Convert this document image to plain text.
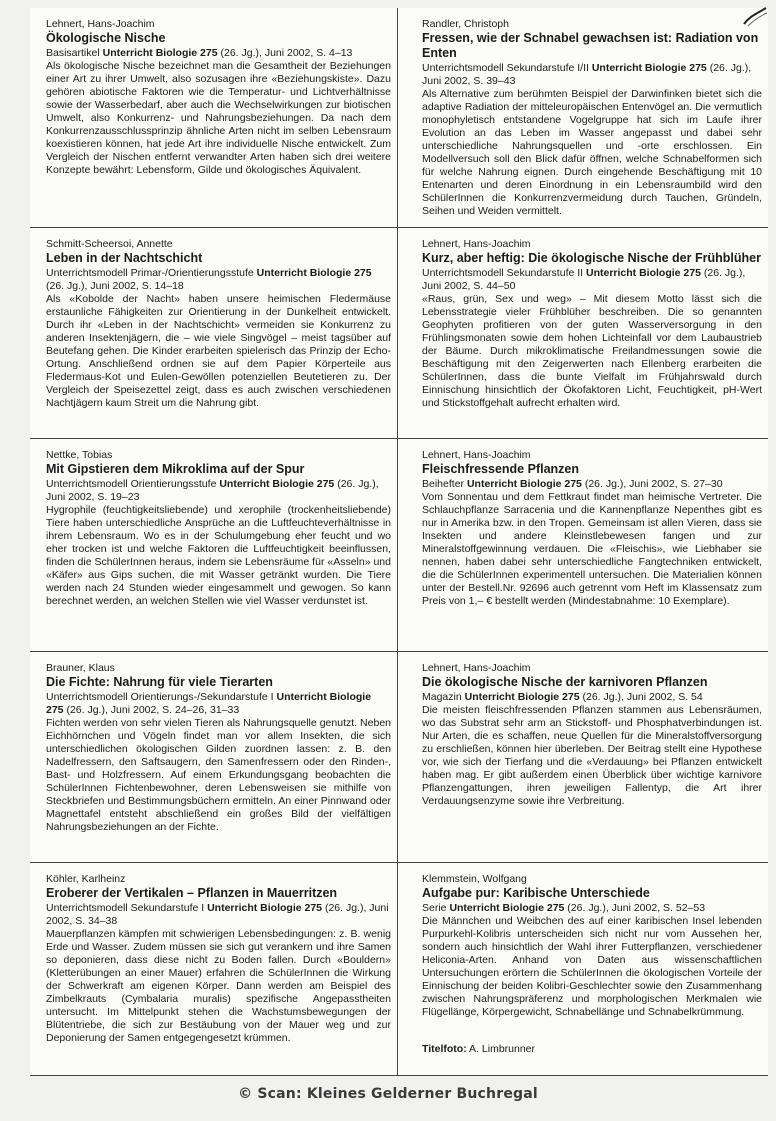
Lehnert, Hans-Joachim

Ökologische Nische

Basisartikel Unterricht Biologie 275 (26. Jg.), Juni 2002, S. 4–13

Als ökologische Nische bezeichnet man die Gesamtheit der Beziehungen einer Art zu ihrer Umwelt, also sozusagen ihre «Beziehungskiste». Dazu gehören abiotische Faktoren wie die Temperatur- und Lichtverhältnisse sowie der Wasserbedarf, aber auch die Wechselwirkungen zur biotischen Umwelt, also Konkurrenz- und Nahrungsbeziehungen. Da nach dem Konkurrenzausschlussprinzip ähnliche Arten nicht im selben Lebensraum koexistieren können, hat jede Art ihre individuelle Nische entwickelt. Zum Vergleich der Nischen entfernt verwandter Arten haben sich drei weitere Konzepte bewährt: Lebensform, Gilde und ökologisches Äquivalent.

Randler, Christoph

Fressen, wie der Schnabel gewachsen ist: Radiation von Enten

Unterrichtsmodell Sekundarstufe I/II Unterricht Biologie 275 (26. Jg.), Juni 2002, S. 39–43

Als Alternative zum berühmten Beispiel der Darwinfinken bietet sich die adaptive Radiation der mitteleuropäischen Entenvögel an. Die vermutlich monophyletisch entstandene Vogelgruppe hat sich im Laufe ihrer Evolution an das Leben im Wasser angepasst und dabei sehr unterschiedliche Nahrungsquellen und -orte erschlossen. Ein Modellversuch soll den Blick dafür öffnen, welche Schnabelformen sich für welche Nahrung eignen. Durch eingehende Beschäftigung mit 10 Entenarten und deren Einordnung in ein Lebensraumbild wird den SchülerInnen die Konkurrenzvermeidung durch Tauchen, Gründeln, Seihen und Weiden vermittelt.

Schmitt-Scheersoi, Annette

Leben in der Nachtschicht

Unterrichtsmodell Primar-/Orientierungsstufe Unterricht Biologie 275 (26. Jg.), Juni 2002, S. 14–18

Als «Kobolde der Nacht» haben unsere heimischen Fledermäuse erstaunliche Fähigkeiten zur Orientierung in der Dunkelheit entwickelt. Durch ihr «Leben in der Nachtschicht» vermeiden sie Konkurrenz zu anderen Insektenjägern, die – wie viele Singvögel – meist tagsüber auf Beutefang gehen. Die Kinder erarbeiten spielerisch das Prinzip der Echo-Ortung. Anschließend ordnen sie auf dem Papier Körperteile aus Fledermaus-Kot und Eulen-Gewöllen potenziellen Beutetieren zu. Der Vergleich der Speisezettel zeigt, dass es auch zwischen verschiedenen Nachtjägern kaum Streit um die Nahrung gibt.

Lehnert, Hans-Joachim

Kurz, aber heftig: Die ökologische Nische der Frühblüher

Unterrichtsmodell Sekundarstufe II Unterricht Biologie 275 (26. Jg.), Juni 2002, S. 44–50

«Raus, grün, Sex und weg» – Mit diesem Motto lässt sich die Lebensstrategie vieler Frühblüher beschreiben. Die so genannten Geophyten profitieren von der guten Wasserversorgung in den Frühlingsmonaten sowie dem hohen Lichteinfall vor dem Laubaustrieb der Bäume. Durch mikroklimatische Freilandmessungen sowie die Beschäftigung mit den Zeigerwerten nach Ellenberg erarbeiten die SchülerInnen, dass die bunte Vielfalt im Frühjahrswald durch Einnischung hinsichtlich der Ökofaktoren Licht, Feuchtigkeit, pH-Wert und Stickstoffgehalt aufrecht erhalten wird.

Nettke, Tobias

Mit Gipstieren dem Mikroklima auf der Spur

Unterrichtsmodell Orientierungsstufe Unterricht Biologie 275 (26. Jg.), Juni 2002, S. 19–23

Hygrophile (feuchtigkeitsliebende) und xerophile (trockenheitsliebende) Tiere haben unterschiedliche Ansprüche an die Luftfeuchteverhältnisse in ihrem Lebensraum. Wo es in der Schulumgebung eher feucht und wo eher trocken ist und welche Faktoren die Luftfeuchtigkeit beeinflussen, finden die SchülerInnen heraus, indem sie Lebensräume für «Asseln» und «Käfer» aus Gips suchen, die mit Wasser getränkt wurden. Die Tiere werden nach 24 Stunden wieder eingesammelt und gewogen. So kann berechnet werden, an welchen Stellen wie viel Wasser verdunstet ist.

Lehnert, Hans-Joachim

Fleischfressende Pflanzen

Beihefter Unterricht Biologie 275 (26. Jg.), Juni 2002, S. 27–30

Vom Sonnentau und dem Fettkraut findet man heimische Vertreter. Die Schlauchpflanze Sarracenia und die Kannenpflanze Nepenthes gibt es nur in Amerika bzw. in den Tropen. Gemeinsam ist allen Vieren, dass sie Insekten und andere Kleinstlebewesen fangen und zur Mineralstoffgewinnung verdauen. Die «Fleischis», wie Liebhaber sie nennen, haben dabei sehr unterschiedliche Fangtechniken entwickelt, die die SchülerInnen experimentell untersuchen. Die Materialien können unter der Bestell.Nr. 92696 auch getrennt vom Heft im Klassensatz zum Preis von 1,– € bestellt werden (Mindestabnahme: 10 Exemplare).

Brauner, Klaus

Die Fichte: Nahrung für viele Tierarten

Unterrichtsmodell Orientierungs-/Sekundarstufe I Unterricht Biologie 275 (26. Jg.), Juni 2002, S. 24–26, 31–33

Fichten werden von sehr vielen Tieren als Nahrungsquelle genutzt. Neben Eichhörnchen und Vögeln findet man vor allem Insekten, die sich unterschiedlichen ökologischen Gilden zuordnen lassen: z. B. den Nadelfressern, den Saftsaugern, den Samenfressern oder den Rinden-, Bast- und Holzfressern. Auf einem Erkundungsgang beobachten die SchülerInnen Fichtenbewohner, deren Lebensweisen sie mithilfe von Steckbriefen und Bestimmungsbüchern ermitteln. An einer Pinnwand oder Magnettafel entsteht abschließend ein großes Bild der vielfältigen Nahrungsbeziehungen an der Fichte.

Lehnert, Hans-Joachim

Die ökologische Nische der karnivoren Pflanzen

Magazin Unterricht Biologie 275 (26. Jg.), Juni 2002, S. 54

Die meisten fleischfressenden Pflanzen stammen aus Lebensräumen, wo das Substrat sehr arm an Stickstoff- und Phosphatverbindungen ist. Nur Arten, die es schaffen, neue Quellen für die Mineralstoffversorgung zu erschließen, können hier überleben. Der Beitrag stellt eine Hypothese vor, wie sich der Tierfang und die «Verdauung» bei Pflanzen entwickelt haben mag. Er gibt außerdem einen Überblick über wichtige karnivore Pflanzengattungen, ihren jeweiligen Fallentyp, die Art ihrer Verdauungsenzyme sowie ihre Verbreitung.

Köhler, Karlheinz

Eroberer der Vertikalen – Pflanzen in Mauerritzen

Unterrichtsmodell Sekundarstufe I Unterricht Biologie 275 (26. Jg.), Juni 2002, S. 34–38

Mauerpflanzen kämpfen mit schwierigen Lebensbedingungen: z. B. wenig Erde und Wasser. Zudem müssen sie sich gut verankern und ihre Samen so deponieren, dass diese nicht zu Boden fallen. Durch «Bouldern» (Kletterübungen an einer Mauer) erfahren die SchülerInnen die Wirkung der Schwerkraft am eigenen Körper. Dann werden am Beispiel des Zimbelkrauts (Cymbalaria muralis) spezifische Angepasstheiten untersucht. Im Mittelpunkt stehen die Wachstumsbewegungen der Blütentriebe, die sich zur Bestäubung von der Mauer weg und zur Deponierung der Samen entgegengesetzt krümmen.

Klemmstein, Wolfgang

Aufgabe pur: Karibische Unterschiede

Serie Unterricht Biologie 275 (26. Jg.), Juni 2002, S. 52–53

Die Männchen und Weibchen des auf einer karibischen Insel lebenden Purpurkehl-Kolibris unterscheiden sich nicht nur vom Aussehen her, sondern auch hinsichtlich der Wahl ihrer Futterpflanzen, verschiedener Heliconia-Arten. Anhand von Daten aus wissenschaftlichen Untersuchungen erörtern die SchülerInnen die ökologischen Vorteile der Einnischung der beiden Kolibri-Geschlechter sowie den Zusammenhang zwischen Nahrungspräferenz und morphologischen Merkmalen wie Flügellänge, Körpergewicht, Schnabellänge und Schnabelkrümmung.

Titelfoto: A. Limbrunner

© Scan: Kleines Gelderner Buchregal
